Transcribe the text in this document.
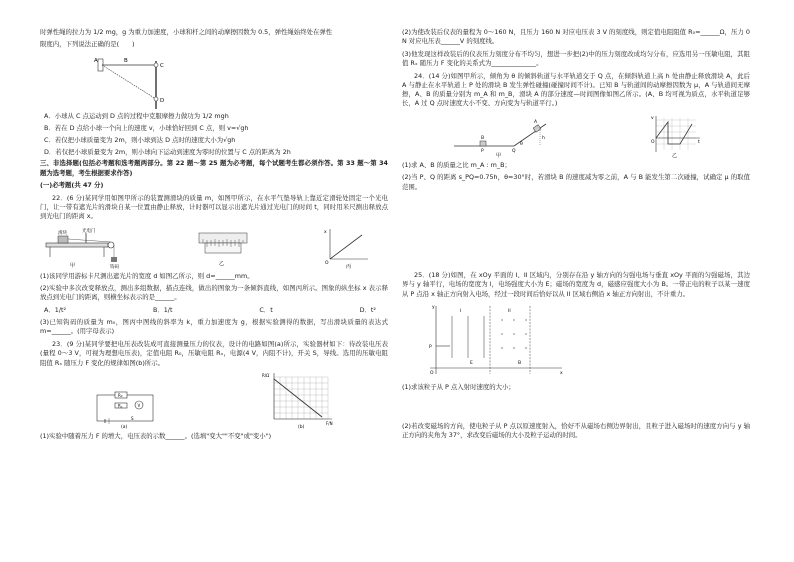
时弹性绳的拉力为 1/2 mg，g 为重力加速度，小球和杆之间的动摩擦因数为 0.5，弹性绳始终处在弹性

限度内，下列说法正确的是(　　)

A	B
C
D

A．小球从 C 点运动到 D 点的过程中克服摩擦力做功为 1/2 mgh

B．若在 D 点给小球一个向上的速度 v，小球恰好回到 C 点，则 v=√gh

C．若仅把小球质量变为 2m，则小球到达 D 点时的速度大小为√gh

D．若仅把小球质量变为 2m，则小球向下运动到速度为零时的位置与 C 点的距离为 2h

三、非选择题(包括必考题和选考题两部分。第 22 题～第 25 题为必考题，每个试题考生都必须作答。第 33 题～第 34 题为选考题，考生根据要求作答)

(一)必考题(共 47 分)

22．(6 分)某同学用如图甲所示的装置测滑块的质量 m，如图甲所示，在水平气垫导轨上靠近定滑轮处固定一个光电门，让一带有遮光片的滑块自某一位置由静止释放，计时器可以显示出遮光片通过光电门的时间 t，同时用米尺测出释放点到光电门的距离 x。

光电门
滑块
钩码
甲	乙	O
x
丙

(1)该同学用游标卡尺测出遮光片的宽度 d 如图乙所示，则 d=______mm。

(2)实验中多次改变释放点，测出多组数据，描点连线，做出的图象为一条倾斜直线，如图丙所示。图象的纵坐标 x 表示释放点到光电门的距离，则横坐标表示的是______。

A．1/t²	B．1/t	C．t	D．t²

(3)已知钩码的质量为 m₀，图丙中图线的斜率为 k，重力加速度为 g，根据实验测得的数据，写出滑块质量的表达式 m=______。(用字母表示)

23．(9 分)某同学要把电压表改装成可直接测量压力的仪表，设计的电路如图(a)所示，实验器材如下：待改装电压表(量程 0～3 V，可视为理想电压表)，定值电阻 R₀，压敏电阻 Rₓ，电源(4 V，内阻不计)，开关 S，导线。选用的压敏电阻阻值 Rₓ 随压力 F 变化的规律如图(b)所示。

R₀
Rₓ	V
S
(a)
R/Ω
F/N
(b)

(1)实验中随着压力 F 的增大，电压表的示数______。(选填"变大""不变"或"变小")

(2)为使改装后仪表的量程为 0～160 N，且压力 160 N 对应电压表 3 V 的刻度线，则定值电阻阻值 R₀=______Ω，压力 0 N 对应电压表______V 的刻度线。

(3)他发现这样改装后的仪表压力刻度分布不均匀，想进一步把(2)中的压力刻度改成均匀分布，应选用另一压敏电阻，其阻值 Rₓ 随压力 F 变化的关系式为______________。

24．(14 分)如图甲所示，倾角为 θ 的倾斜轨道与水平轨道交于 Q 点，在倾斜轨道上高 h 处由静止释放滑块 A，此后 A 与静止在水平轨道上 P 处的滑块 B 发生弹性碰撞(碰撞时间不计)。已知 B 与轨道间的动摩擦因数为 μ，A 与轨道间无摩擦，A、B 的质量分别为 m_A 和 m_B，滑块 A 的部分速度—时间图像如图乙所示。(A、B 均可视为质点，水平轨道足够长，A 过 Q 点时速度大小不变、方向变为与轨道平行。)

A
B
P	Q
h
θ
甲
v
t
O
乙

(1)求 A、B 的质量之比 m_A : m_B；

(2)当 P、Q 的距离 s_PQ=0.75h，θ=30°时，若滑块 B 的速度减为零之前，A 与 B 能发生第二次碰撞，试确定 μ 的取值范围。

25．(18 分)如图，在 xOy 平面的 I、II 区域内，分别存在沿 y 轴方向的匀强电场与垂直 xOy 平面的匀强磁场，其边界与 y 轴平行，电场的宽度为 l，电场强度大小为 E；磁场的宽度为 d，磁感应强度大小为 B。一带正电的粒子以某一速度从 P 点沿 x 轴正方向射入电场，经过一段时间后恰好以从 II 区域右侧沿 x 轴正方向射出，不计重力。

y
x
O
P
I	II
E	B

(1)求该粒子从 P 点入射时速度的大小；

(2)若改变磁场的方向，使电粒子从 P 点以原速度射入，恰好不从磁场右侧边界射出，且粒子进入磁场时的速度方向与 y 轴正方向的夹角为 37°，求改变后磁场的大小及粒子运动的时间。
